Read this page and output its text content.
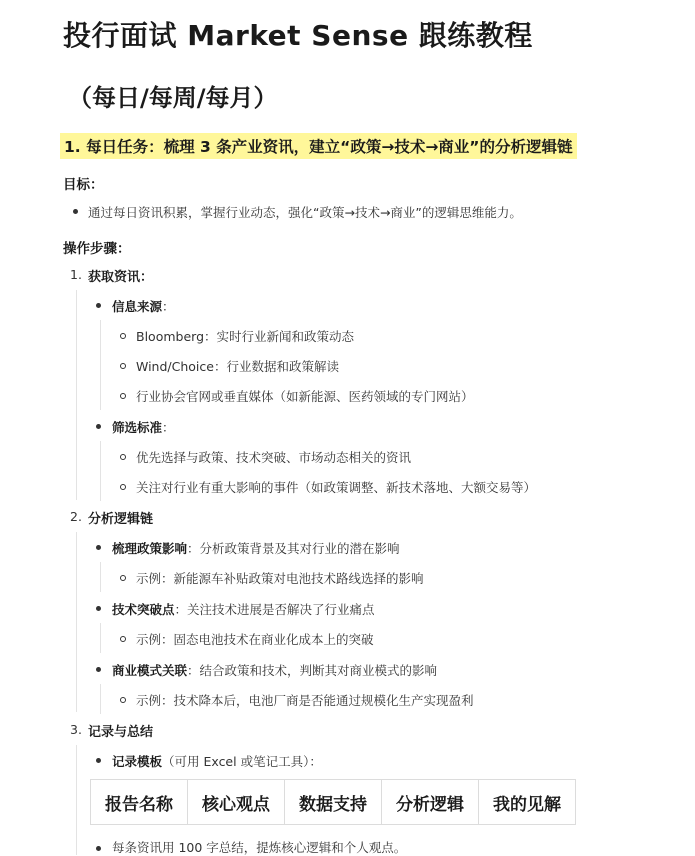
投行面试 Market Sense 跟练教程
（每日/每周/每月）
1. 每日任务：梳理 3 条产业资讯，建立“政策→技术→商业”的分析逻辑链
目标：
通过每日资讯积累，掌握行业动态，强化“政策→技术→商业”的逻辑思维能力。
操作步骤：
1. 获取资讯：
信息来源：
Bloomberg：实时行业新闻和政策动态
Wind/Choice：行业数据和政策解读
行业协会官网或垂直媒体（如新能源、医药领域的专门网站）
筛选标准：
优先选择与政策、技术突破、市场动态相关的资讯
关注对行业有重大影响的事件（如政策调整、新技术落地、大额交易等）
2. 分析逻辑链
梳理政策影响：分析政策背景及其对行业的潜在影响
示例：新能源车补贴政策对电池技术路线选择的影响
技术突破点：关注技术进展是否解决了行业痛点
示例：固态电池技术在商业化成本上的突破
商业模式关联：结合政策和技术，判断其对商业模式的影响
示例：技术降本后，电池厂商是否能通过规模化生产实现盈利
3. 记录与总结
记录模板（可用 Excel 或笔记工具）：
报告名称	核心观点	数据支持	分析逻辑	我的见解
每条资讯用 100 字总结，提炼核心逻辑和个人观点。
